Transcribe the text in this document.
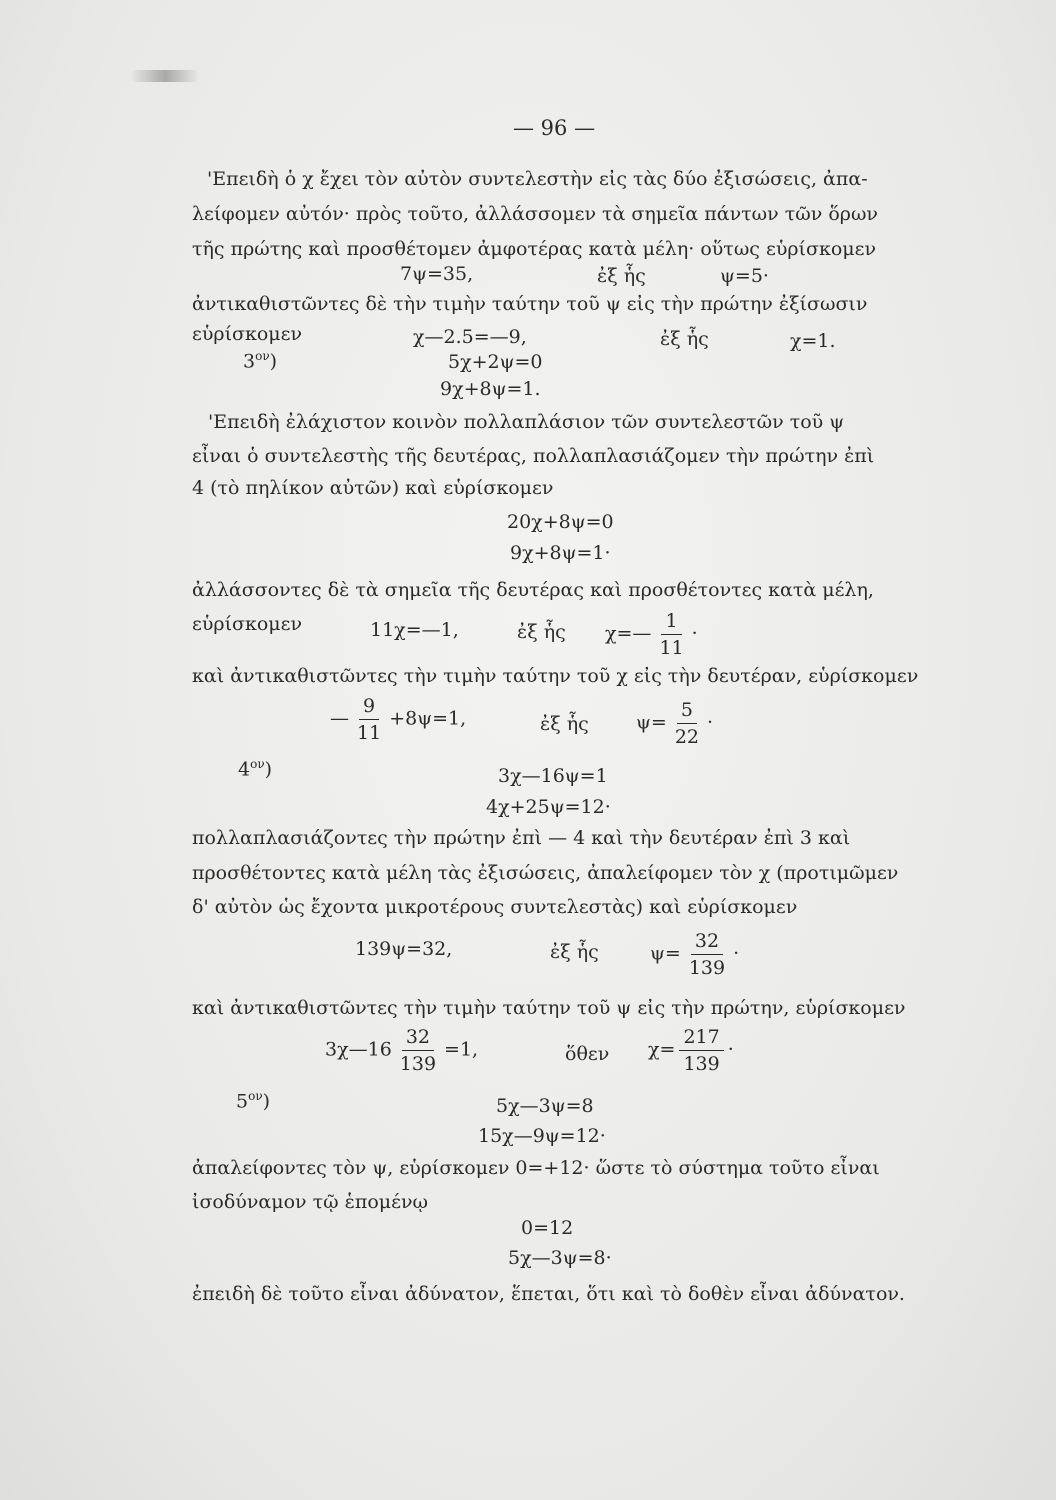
— 96 —
'Επειδὴ ὁ χ ἔχει τὸν αὐτὸν συντελεστὴν εἰς τὰς δύο ἐξισώσεις, ἀπα-
λείφομεν αὐτόν· πρὸς τοῦτο, ἀλλάσσομεν τὰ σημεῖα πάντων τῶν ὅρων
τῆς πρώτης καὶ προσθέτομεν ἀμφοτέρας κατὰ μέλη· οὕτως εὑρίσκομεν
7ψ=35,	ἐξ ἧς	ψ=5·
ἀντικαθιστῶντες δὲ τὴν τιμὴν ταύτην τοῦ ψ εἰς τὴν πρώτην ἐξίσωσιν
εὑρίσκομεν	χ—2.5=—9,	ἐξ ἧς	χ=1.
$3^{o\nu}$)	5χ+2ψ=0
9χ+8ψ=1.
'Επειδὴ ἐλάχιστον κοινὸν πολλαπλάσιον τῶν συντελεστῶν τοῦ ψ
εἶναι ὁ συντελεστὴς τῆς δευτέρας, πολλαπλασιάζομεν τὴν πρώτην ἐπὶ
4 (τὸ πηλίκον αὐτῶν) καὶ εὑρίσκομεν
20χ+8ψ=0
9χ+8ψ=1·
ἀλλάσσοντες δὲ τὰ σημεῖα τῆς δευτέρας καὶ προσθέτοντες κατὰ μέλη,
εὑρίσκομεν	11χ=—1,	ἐξ ἧς χ=— $\frac{1}{11}$ ·
καὶ ἀντικαθιστῶντες τὴν τιμὴν ταύτην τοῦ χ εἰς τὴν δευτέραν, εὑρίσκομεν
— $\frac{9}{11} +8\psi=1$,	ἐξ ἧς $\psi= \frac{5}{22}$ ·
$4^{o\nu}$)	3χ—16ψ=1
4χ+25ψ=12·
πολλαπλασιάζοντες τὴν πρώτην ἐπὶ — 4 καὶ τὴν δευτέραν ἐπὶ 3 καὶ
προσθέτοντες κατὰ μέλη τὰς ἐξισώσεις, ἀπαλείφομεν τὸν χ (προτιμῶμεν
δ' αὐτὸν ὡς ἔχοντα μικροτέρους συντελεστὰς) καὶ εὑρίσκομεν
139ψ=32,	ἐξ ἧς	$\psi= \frac{32}{139}$ ·
καὶ ἀντικαθιστῶντες τὴν τιμὴν ταύτην τοῦ ψ εἰς τὴν πρώτην, εὑρίσκομεν
3χ—16 $\frac{32}{139} =1$,	ὅθεν $\chi= \frac{217}{139}$ ·
$5^{o\nu}$)	5χ—3ψ=8
15χ—9ψ=12·
ἀπαλείφοντες τὸν ψ, εὑρίσκομεν 0=+12· ὥστε τὸ σύστημα τοῦτο εἶναι
ἰσοδύναμον τῷ ἑπομένῳ
0=12
5χ—3ψ=8·
ἐπειδὴ δὲ τοῦτο εἶναι ἀδύνατον, ἕπεται, ὅτι καὶ τὸ δοθὲν εἶναι ἀδύνατον.
